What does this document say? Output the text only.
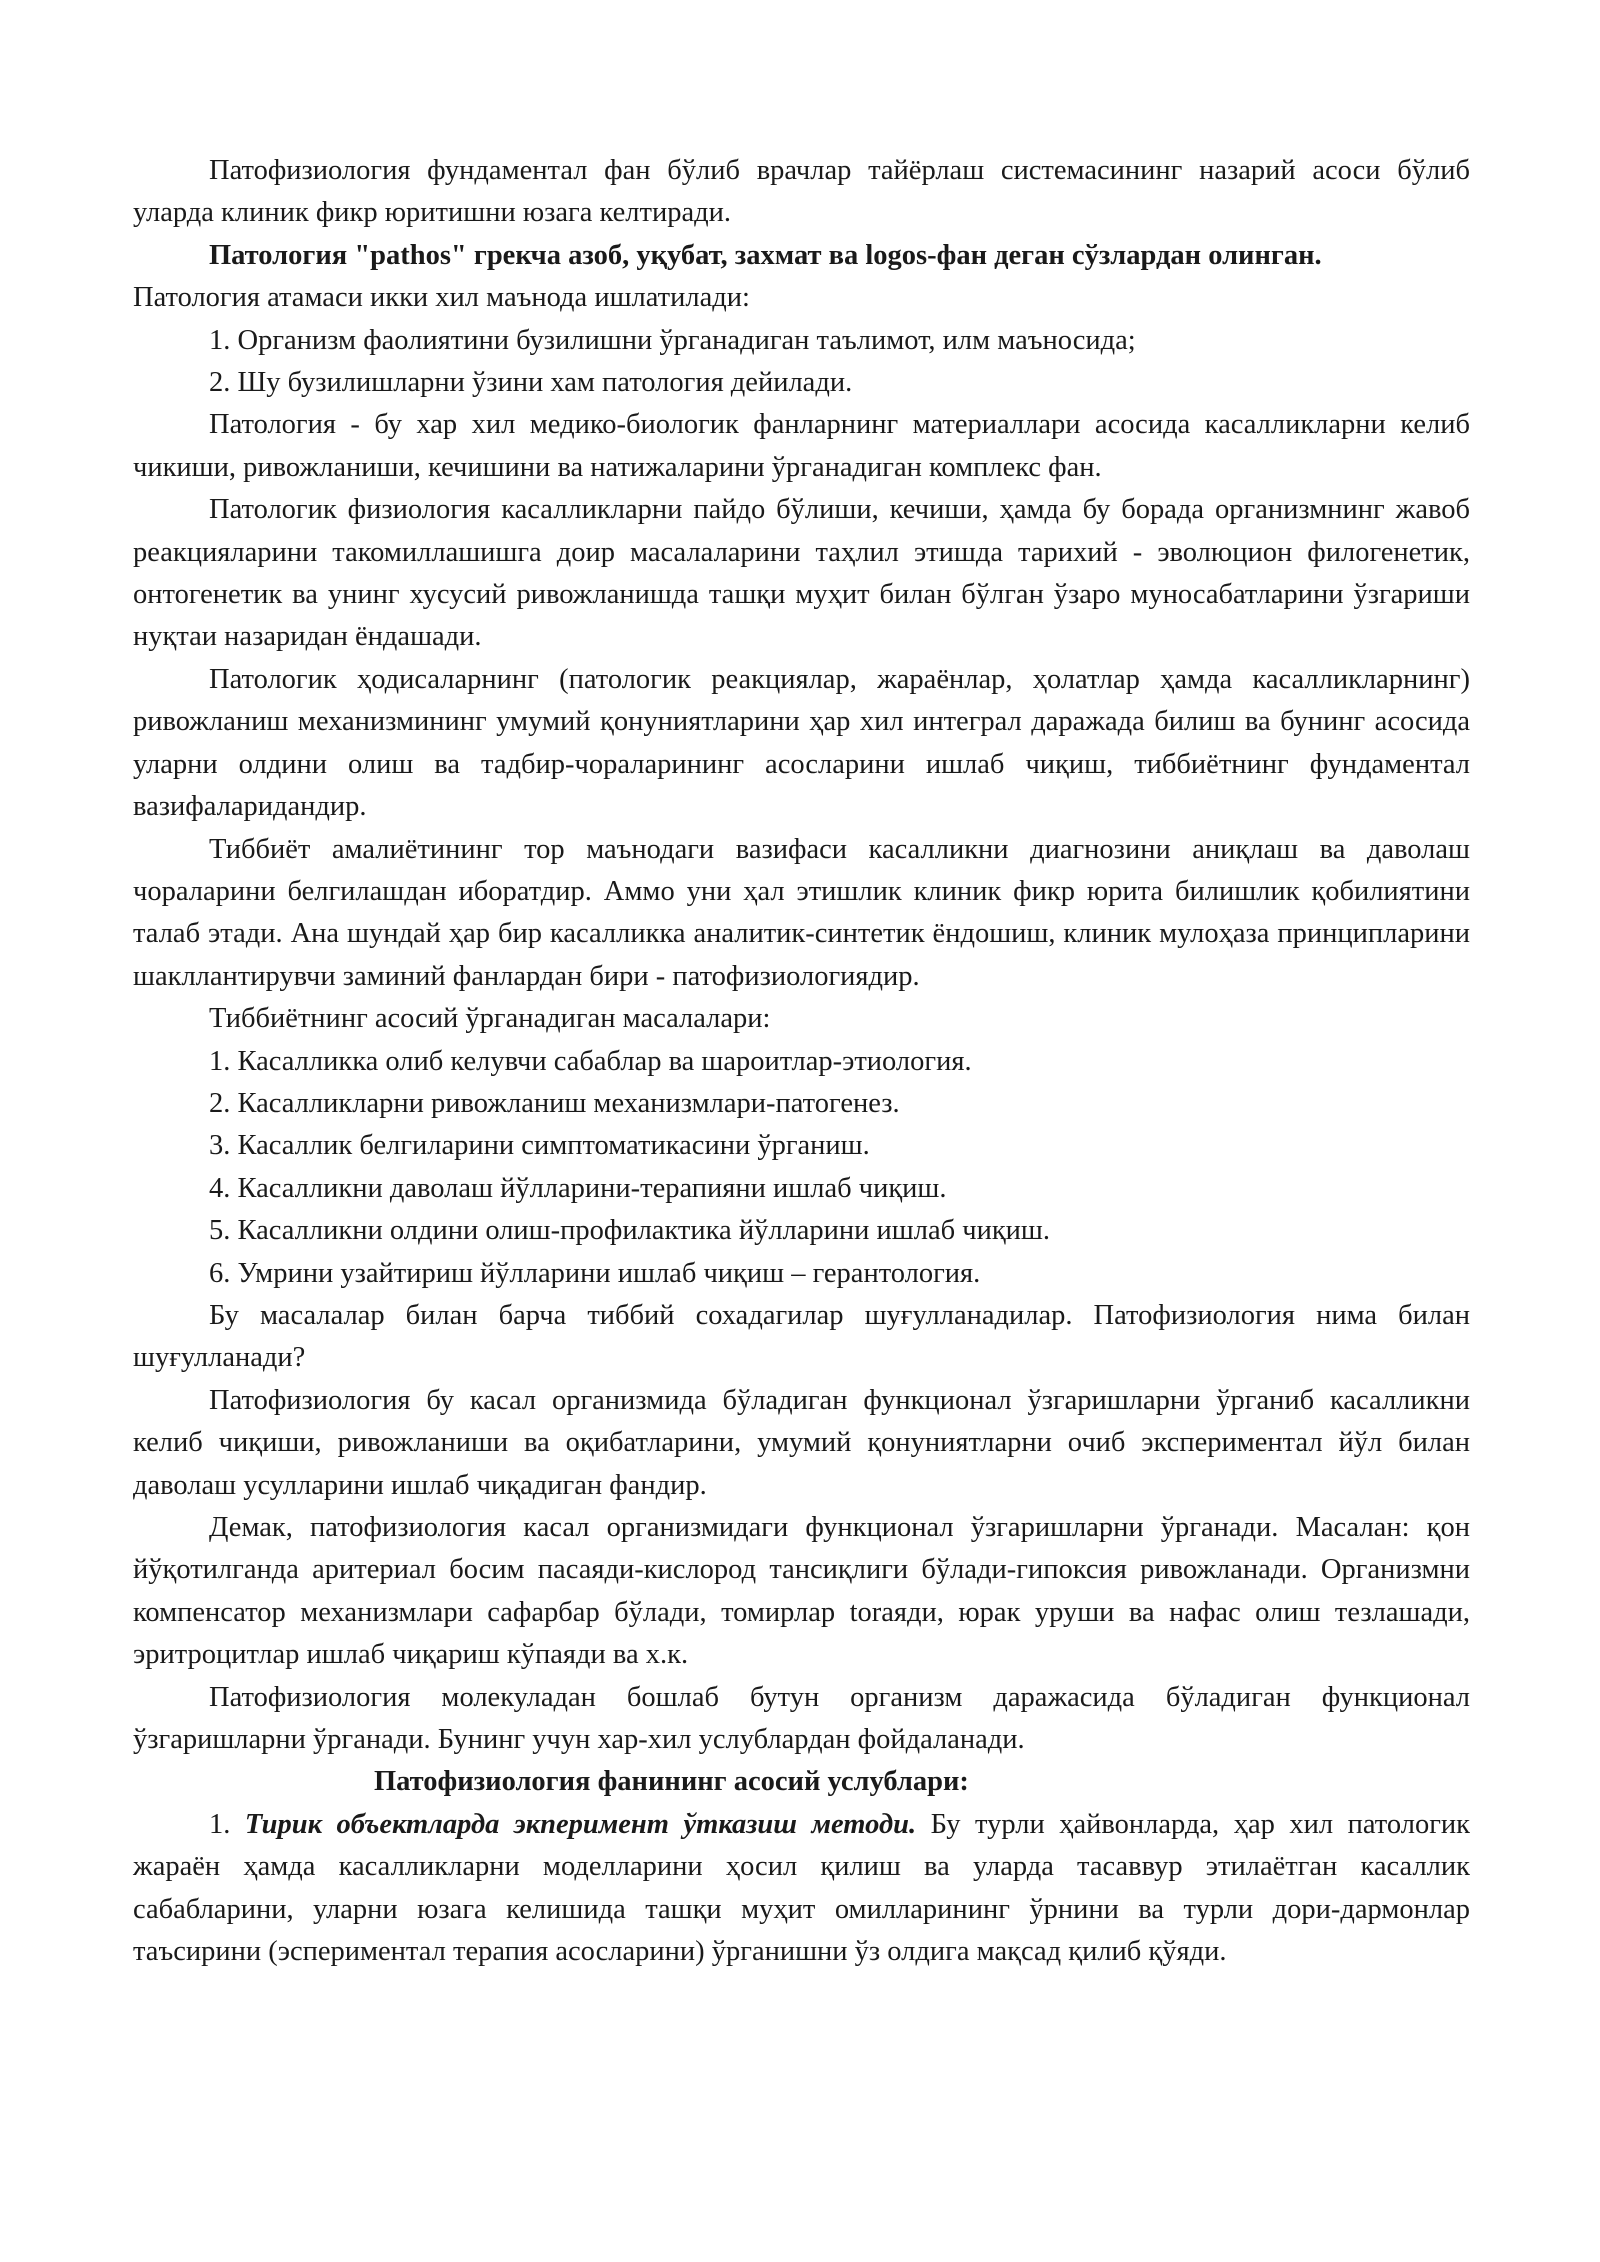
Патофизиология фундаментал фан бўлиб врачлар тайёрлаш системасининг назарий асоси бўлиб уларда клиник фикр юритишни юзага келтиради.

Патология "pathos" грекча азоб, уқубат, захмат ва logos-фан деган сўзлардан олинган.

Патология атамаси икки хил маънода ишлатилади:

1. Организм фаолиятини бузилишни ўрганадиган таълимот, илм маъносида;

2. Шу бузилишларни ўзини хам патология дейилади.

Патология - бу хар хил медико-биологик фанларнинг материаллари асосида касалликларни келиб чикиши, ривожланиши, кечишини ва натижаларини ўрганадиган комплекс фан.

Патологик физиология касалликларни пайдо бўлиши, кечиши, ҳамда бу борада организмнинг жавоб реакцияларини такомиллашишга доир масалаларини таҳлил этишда тарихий - эволюцион филогенетик, онтогенетик ва унинг хусусий ривожланишда ташқи муҳит билан бўлган ўзаро муносабатларини ўзгариши нуқтаи назаридан ёндашади.

Патологик ҳодисаларнинг (патологик реакциялар, жараёнлар, ҳолатлар ҳамда касалликларнинг) ривожланиш механизмининг умумий қонуниятларини ҳар хил интеграл даражада билиш ва бунинг асосида уларни олдини олиш ва тадбир-чораларининг асосларини ишлаб чиқиш, тиббиётнинг фундаментал вазифаларидандир.

Тиббиёт амалиётининг тор маънодаги вазифаси касалликни диагнозини аниқлаш ва даволаш чораларини белгилашдан иборатдир. Аммо уни ҳал этишлик клиник фикр юрита билишлик қобилиятини талаб этади. Ана шундай ҳар бир касалликка аналитик-синтетик ёндошиш, клиник мулоҳаза принципларини шакллантирувчи заминий фанлардан бири - патофизиологиядир.

Тиббиётнинг асосий ўрганадиган масалалари:

1. Касалликка олиб келувчи сабаблар ва шароитлар-этиология.

2. Касалликларни ривожланиш механизмлари-патогенез.

3. Касаллик белгиларини симптоматикасини ўрганиш.

4. Касалликни даволаш йўлларини-терапияни ишлаб чиқиш.

5. Касалликни олдини олиш-профилактика йўлларини ишлаб чиқиш.

6. Умрини узайтириш йўлларини ишлаб чиқиш – герантология.

Бу масалалар билан барча тиббий сохадагилар шуғулланадилар. Патофизиология нима билан шуғулланади?

Патофизиология бу касал организмида бўладиган функционал ўзгаришларни ўрганиб касалликни келиб чиқиши, ривожланиши ва оқибатларини, умумий қонуниятларни очиб экспериментал йўл билан даволаш усулларини ишлаб чиқадиган фандир.

Демак, патофизиология касал организмидаги функционал ўзгаришларни ўрганади. Масалан: қон йўқотилганда аритериал босим пасаяди-кислород тансиқлиги бўлади-гипоксия ривожланади. Организмни компенсатор механизмлари сафарбар бўлади, томирлар torаяди, юрак уруши ва нафас олиш тезлашади, эритроцитлар ишлаб чиқариш кўпаяди ва х.к.

Патофизиология молекуладан бошлаб бутун организм даражасида бўладиган функционал ўзгаришларни ўрганади. Бунинг учун хар-хил услублардан фойдаланади.

Патофизиология фанининг асосий услублари:

1. Тирик объектларда экперимент ўтказиш методи. Бу турли ҳайвонларда, ҳар хил патологик жараён ҳамда касалликларни моделларини ҳосил қилиш ва уларда тасаввур этилаётган касаллик сабабларини, уларни юзага келишида ташқи муҳит омилларининг ўрнини ва турли дори-дармонлар таъсирини (эспериментал терапия асосларини) ўрганишни ўз олдига мақсад қилиб қўяди.
